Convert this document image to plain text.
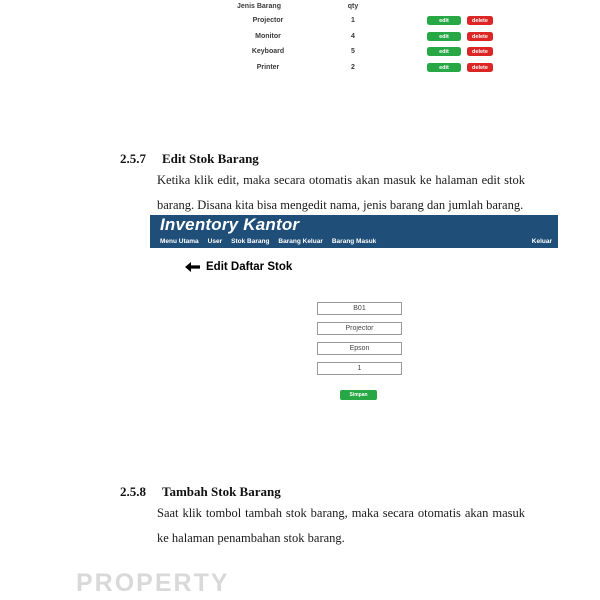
Jenis Barang	qty
Projector	1	edit	delete
Monitor	4	edit	delete
Keyboard	5	edit	delete
Printer	2	edit	delete
2.5.7 Edit Stok Barang

Ketika klik edit, maka secara otomatis akan masuk ke halaman edit stok barang. Disana kita bisa mengedit nama, jenis barang dan jumlah barang.

Inventory Kantor
Menu Utama User Stok Barang Barang Keluar Barang Masuk	Keluar
Edit Daftar Stok
B01
Projector
Epson
1
Simpan
2.5.8 Tambah Stok Barang

Saat klik tombol tambah stok barang, maka secara otomatis akan masuk ke halaman penambahan stok barang.

PROPERTY
